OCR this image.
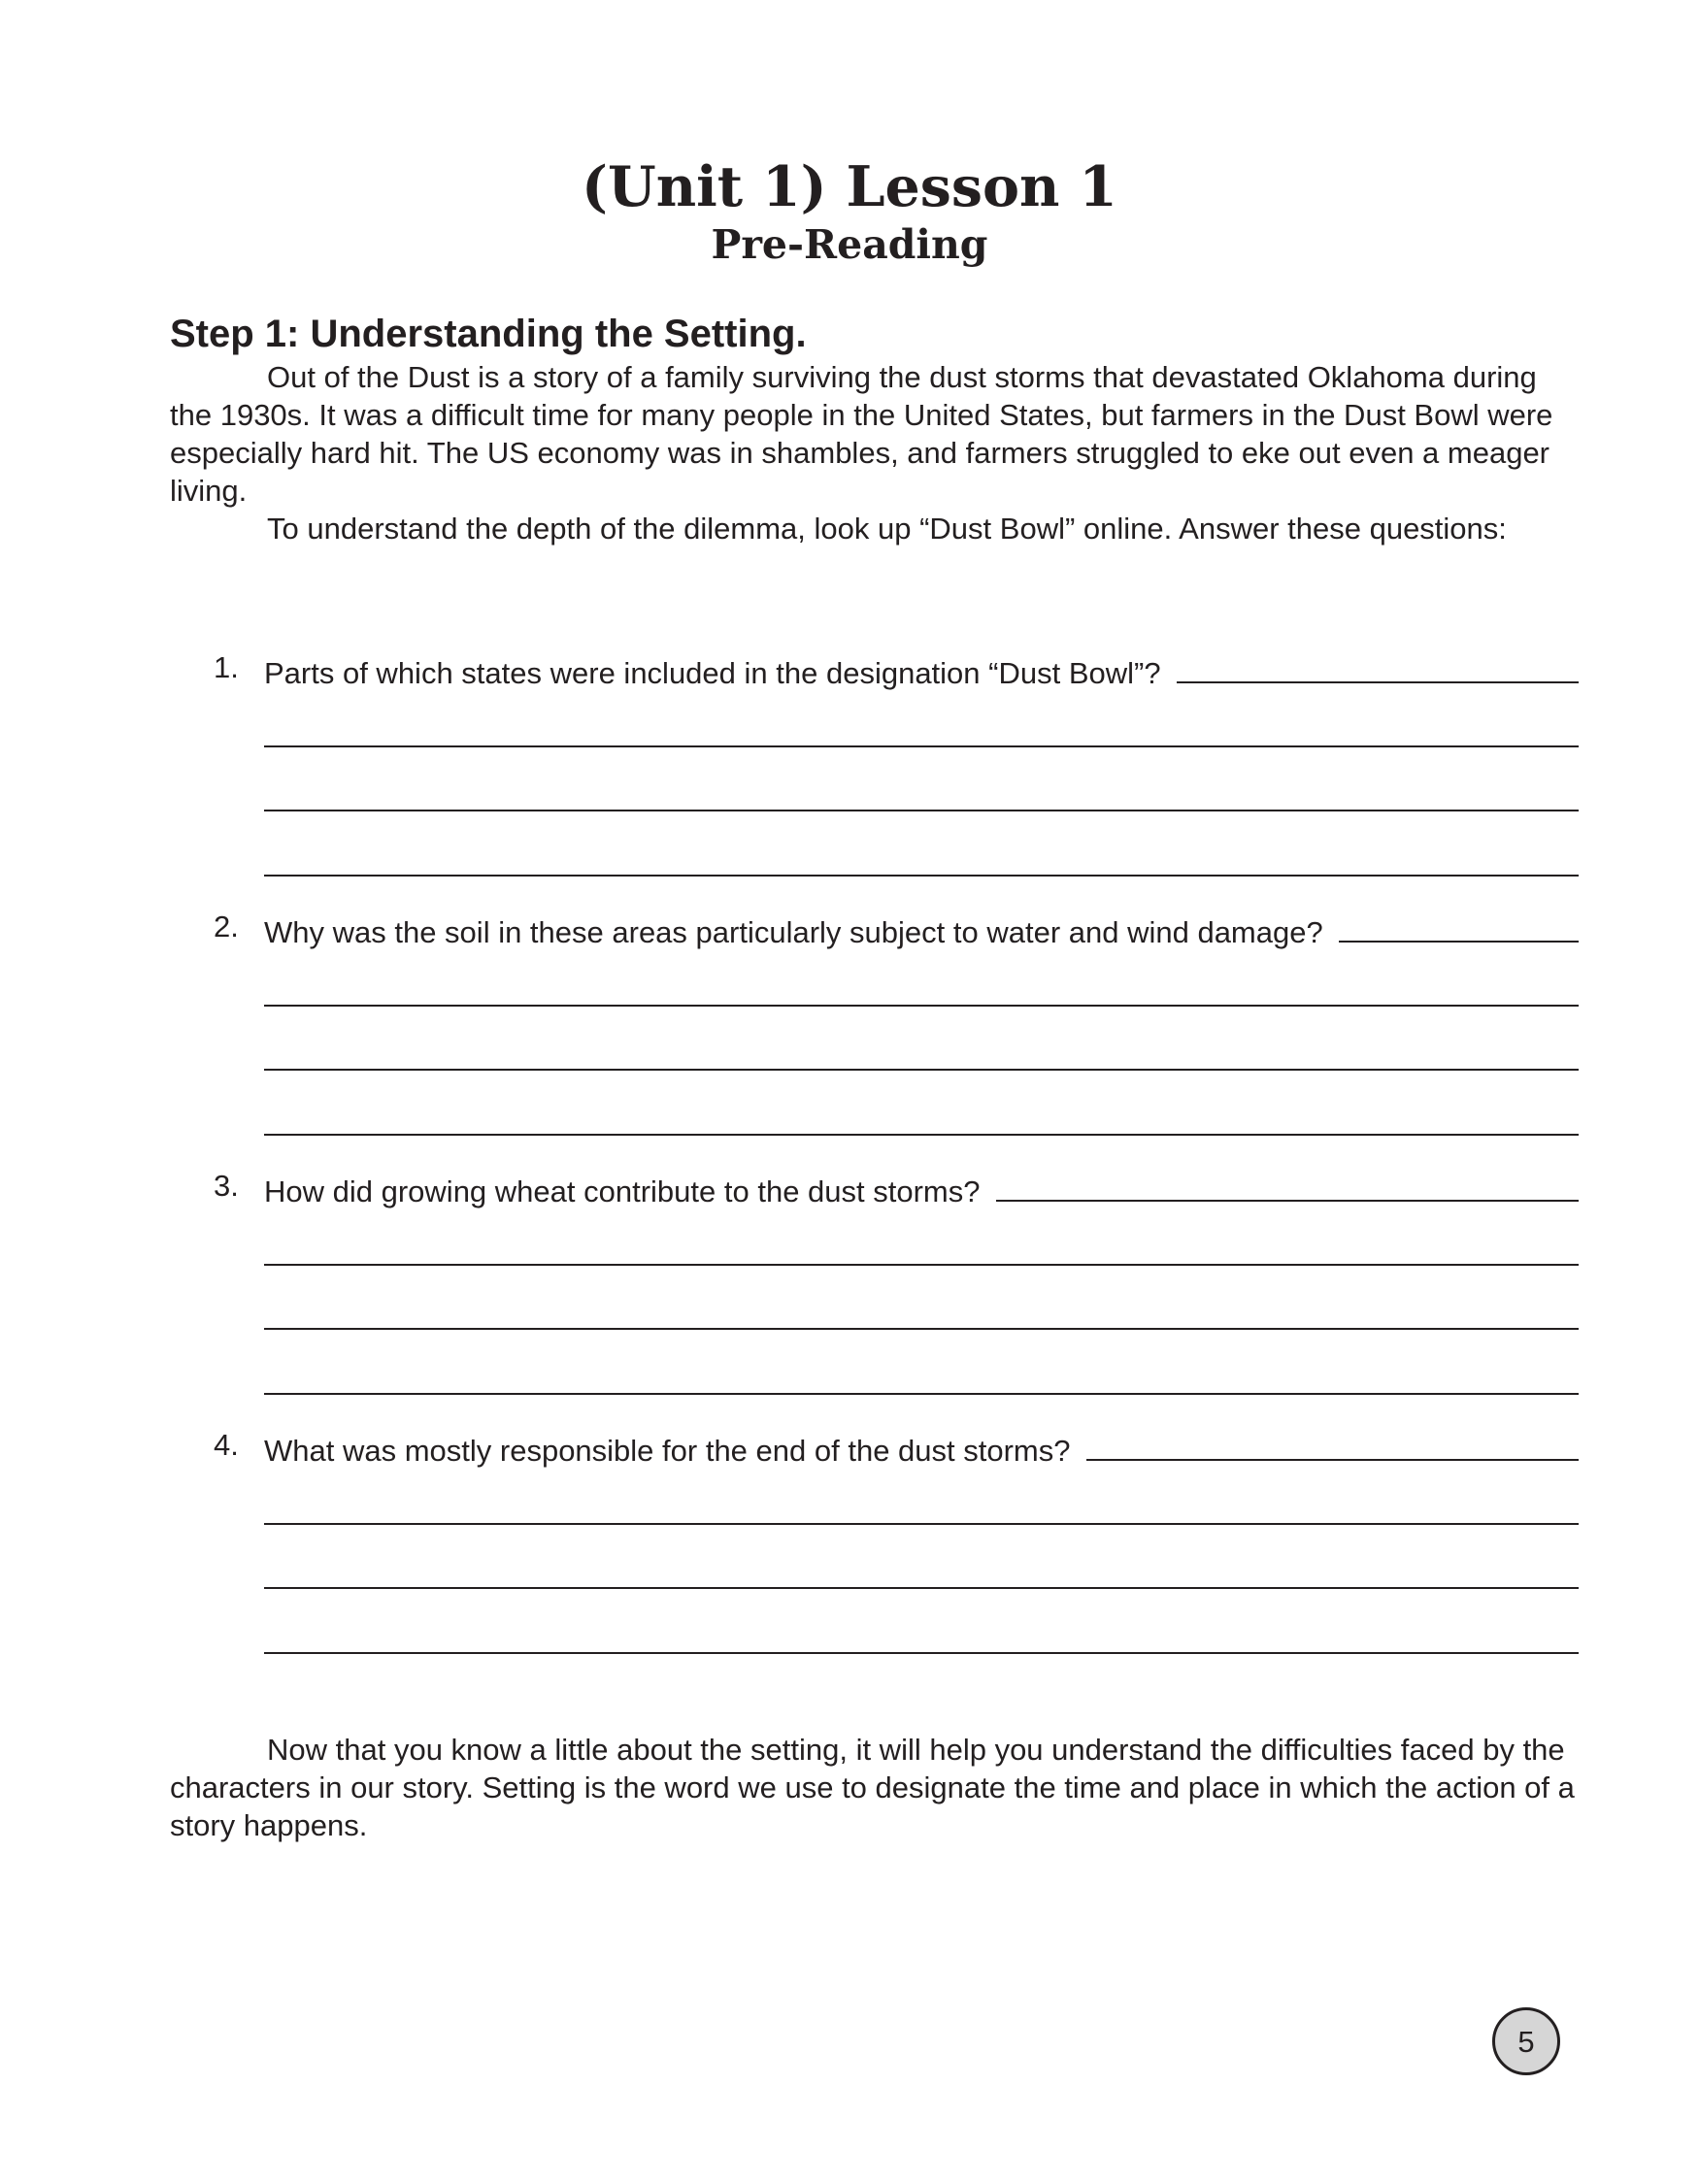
(Unit 1) Lesson 1
Pre-Reading
Step 1: Understanding the Setting.

Out of the Dust is a story of a family surviving the dust storms that devastated Oklahoma during the 1930s. It was a difficult time for many people in the United States, but farmers in the Dust Bowl were especially hard hit. The US economy was in shambles, and farmers struggled to eke out even a meager living.

To understand the depth of the dilemma, look up “Dust Bowl” online. Answer these questions:

1. Parts of which states were included in the designation “Dust Bowl”?
2. Why was the soil in these areas particularly subject to water and wind damage?
3. How did growing wheat contribute to the dust storms?
4. What was mostly responsible for the end of the dust storms?

Now that you know a little about the setting, it will help you understand the difficulties faced by the characters in our story. Setting is the word we use to designate the time and place in which the action of a story happens.

5
